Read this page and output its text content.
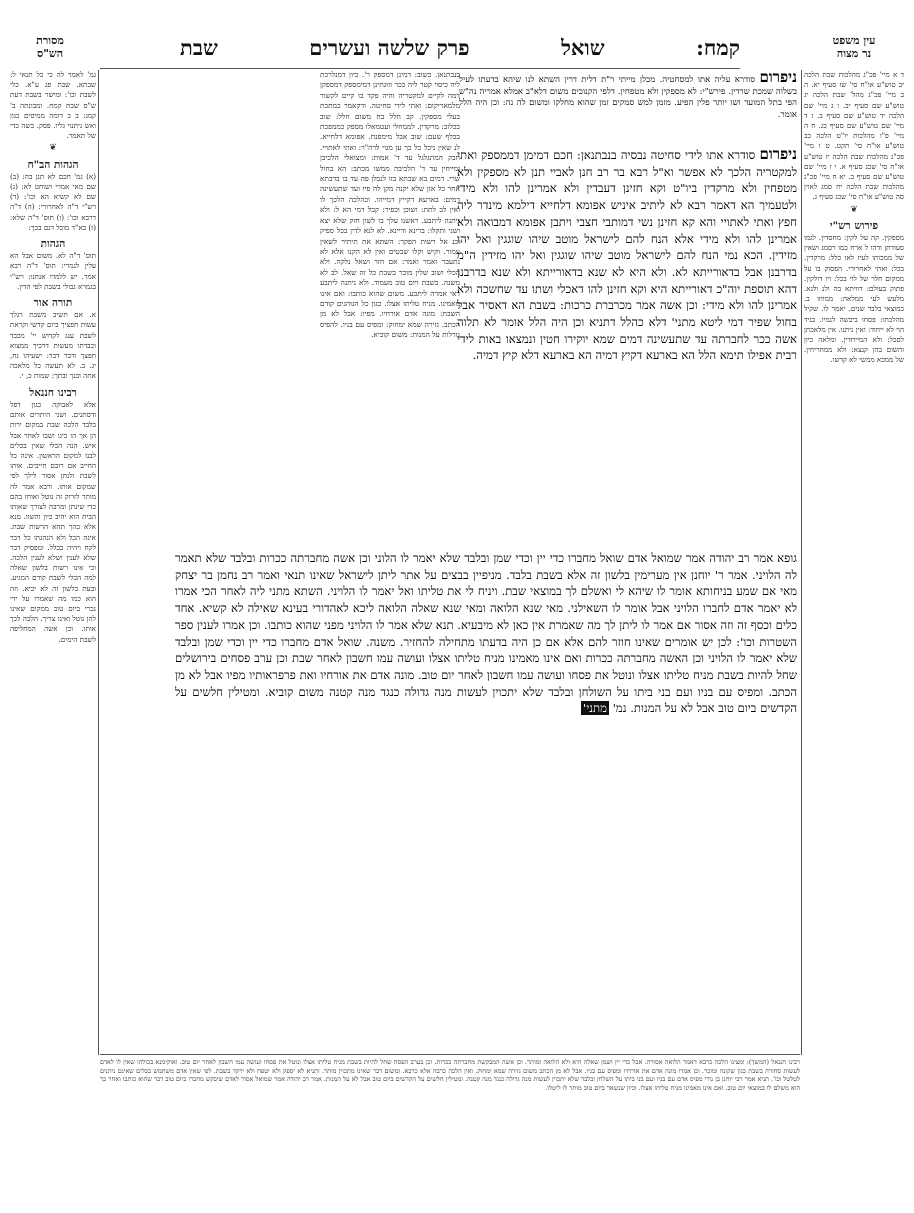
עין משפט
נר מצוה
מסורת
הש"ס	קמח:
שואל
פרק שלשה ועשרים
שבת

ד א מיי' פכ"ג מהלכות שבת הלכה יב טוש"ע או"ח סי' שז סעיף יא. ה ב מיי' פכ"ג מהל' שבת הלכה יג טוש"ע שם סעיף יב. ו ג מיי' שם הלכה יד טוש"ע שם סעיף ב. ז ד מיי' שם טוש"ע שם סעיף כג. ח ה מיי' פ"ו מהלכות יו"ט הלכה כב טוש"ע או"ח סי' תקט. ט ו מיי' פכ"ג מהלכות שבת הלכה יז טוש"ע או"ח סי' שכג סעיף א. י ז מיי' שם טוש"ע שם סעיף ב. יא ח מיי' פכ"ג מהלכות שבת הלכה יח סמג לאוין סה טוש"ע או"ח סי' שכג סעיף ג.

❦
פירוש רש"י

מספקין. קה על לקין: מחסדין. לגמו סעודתן ודהו ל ארח כמו רסמג ושאין של ממכותו לעיז לאו כלל: מרקדין. בכל: ואתי לאחרורי. הפסוק בו על ממקום חלר של לוי בכל: ויו דולקין. פתוק בעולם: דוויתא בה ולנ ולגא. מלעש לעי ממלאה: ממווזו ב. כמוצאי בלבד שנים. יאמר לו. שקיל מהלכתו: פסחו ביבשה לנמיו. בגיד הוי לא ייחוד: ואין ניתנו. אין מלאכתן לסכל: ולא המייחדין. ומלאה כיון והשום בהן קנצא: ולא ממחריחין. של ממכא ממשי לא קדשו.

גמ' לאמר לה כי כל תנאי ל: שבתא. שבת פג ע"א. כלי לשבת וכו': ומישר בשבת דעת ש"ס שבת קמח. ומבונתה ב' קמג: ב ב דומה ממיסים כגון ואש ניתנוי גליו. פסק. כשה כדי של תאמר.

❦
הגהות הב"ח

(א) גמ' חכם לא תנן בה: (ב) שם מאי אמרי ושוחט לא: (ג) שם לא קשיא הא וכו': (ד) רש"י ד"ה לאחרורי: (ה) ד"ה דרבא וכו': (ו) תוס' ד"ה שלא: (ז) בא"ד מוכל דגם בכך:

הגהות

תוס' ד"ה לא. משום אבל הא עלין לגמרי: תוס' ד"ה רבא אמר. יש ללמדו אנחנו: רש"י בגמרא גבולי בשבת לפי הדין.

תורה אור

א. אם תשיב משבת רגלך עשות חפציך ביום קדשי וקראת לשבת ענג לקדוש יי' מכבד וכבדתו מעשות דרכיך ממצוא חפצך ודבר דבר: ישעיהו נח, יג. ב. לא תעשה כל מלאכה אתה ובנך ובתך: שמות כ, י.

רבינו חננאל

אלא לאבוקה כגון דפל ודסתנים. ושני היתרים אותם בלבד הלכה שבת במקום ירות הן אך הו כינו ושבו לאחר אבל איש. הנה הכלי שאין בכלים לבנו למקום הראשון. אינה כל החייב אם רובם חייבים. אותו לשבת ולנתן אסור לילך לפי שמקום אותו. ורבא אמר לה מותר לזרוק זה נוטל ואוחז בהם כדי שינתן ומרבה לצורך שאותו הבית הוא יהיב כיון והשוו. מנא אלא כהך תהא הרשות שבת. אינה הכל ולא הנהגתו כל דבר לקח ויהיה בכלל. ומפסיק דבר שלא לענין ושלא לענין הלכה. וכי אינו רשות בלשון שאלה למה הכלי לשבת קודם המגיע. ובעת בלשון זה לא יביא. וזה הוא כמו מה שאמרו על ידי נכרי ביום טוב ממקום שאינו להן נוטל ואינו צריך. הלכה לכך אותו. וכן אשה המחליפה לשבת הימים.

ניפרום סודרא עליה אתו למסחטיה. מכלן מייתי ר"ת דלית דרין השתא לנו שיהא בדעתו לעיל בשלוה שמכת שרדין. פירש"י: לא מספקין ולא מטפחין. דלפי הקנוכים משום דלא"ב אמלא אמריה נה"ש הפי בתל המועד ושו יותר פלין הפיע. מזמן למש סמקים זמן שהוא מחלקו ומשום לה נה: וכן היה הלל אומר.
ניפרום סודרא אתו לידי סחיטה נבסיה בנבתנאן: חכם דמימן דממספק ואתי למקטריה הלכך לא אפשר וא"ל רבא בר רב חנן לאביי תנן לא מספקין ולא מטפחין ולא מרקדין ביו"ט וקא חזינן דעבדין ולא אמרינן להו ולא מידי ולטעמיך הא דאמר רבא לא ליתיב איניש אפומא דלחייא דילמא מינדר ליה חפץ ואתי לאתויי והא קא חזינן נשי דמותבי חצבי ויתבן אפומא דמבואה ולא אמרינן להו ולא מידי אלא הנח להם לישראל מוטב שיהו שוגגין ואל יהו מזידין. הכא נמי הנח להם לישראל מוטב שיהו שוגגין ואל יהו מזידין ה"מ בדרבנן אבל בדאורייתא לא. ולא היא לא שנא בדאורייתא ולא שנא בדרבנן דהא תוספת יוה"כ דאורייתא היא וקא חזינן להו דאכלי ושתו עד שחשכה ולא אמרינן להו ולא מידי: וכן אשה אמר מכרברת כרכות: בשבת הא דאסיר אבל בחול שפיר דמי ליטא מתני' דלא כהלל דתניא וכן היה הלל אומר לא תלוה אשה ככר לחברתה עד שתעשינה דמים שמא יוקירו חטין ונמצאו באות לידי רבית אפילו תימא הלל הא בארעא דקיץ דמיה הא בארעא דלא קיץ דמיה.

בנבתנאן. כשוב: דמינן דמספק ר'. כיון דמנלרכת ליה כיסוי קטר ליה ככר וזוגתינן דמימספק דמספקן דמה לקיים למקטריה והיה פקד בו קיים לקשור מלמאריקום: ואתי לידי סחיטה. ודקאמר כמתכת בעלי מספקין. קב חלל בח משום חלל: שוב בכלוב: מרקדין. לממחלי ועטמאלו מספק כממפכת בכלף שעם: שוב אבל מימפנח. אפומא דלחייא. לנ שאין ניכל כל כך ען מגוי לרה"ר: ואתי לאתויי. חבק המתגלגל עד ד' אמות: ומצואלי הלכיבן ומייחין עד ד' הלכיבה ממשו מכתב: הא בחול שרי. דמים בא שבתא בזו לנכלן פה עד בו בדבתא אחר כל אזן שלא יקנה מקן לה פיו ועד שתעשינה דמים: בארעא דקייץ דמייהו. וכהלכה הלכך לו ואין לב לתת: ושוכן וכפיר: קבל דמי הא ל: ולא ניתנה ליתבע. ראשנו עלך בו לשון חזק שלא יצא ושני ותקלו: ברינא ודיינא. לא לנא לדין בכל ספיק וכנ אל רשות הפקר: השתא את תיתיר לשאין עמור. וקיש וקלו שבטים ואין לא הקנו אלא לא נתעבר ואמר ואמר: אם חזר ושאל נלקה. ולא הכלי ושוב שלין מוכר בשבת כל זה שאל. לב לא משנה. בשבת ויום טוב מעמוד. ולא ניתנה ליתבע דאי אמרה ליתבע. משום שהוא כותבו: ואם אינו מאמינו. מניח טליתו אצלו. כגון כל הנוהגים קודם השבת: מונה אדם אורחיו. מפיו: אבל לא מן הכתב. גזירה שמא ימחוק: ומפיס עם בניו. להפיס גורלות על המנות: משום קוביא.

גופא אמר רב יהודה אמר שמואל אדם שואל מחברו כדי יין וכדי שמן ובלבד שלא יאמר לו הלוני וכן אשה מחברתה ככרות ובלבד שלא תאמר לה הלויני. אמר ר' יוחנן אין מערימין בלשון זה אלא בשבת בלבד. מניפיין בבצים על אתר ליתן לישראל שאינו תנאי ואמר רב נחמן בר יצחק מאי אם שמע בניחותא אומר לו שיהא לי ואשלם לך במוצאי שבת. ויניח לי את טליתו ואל יאמר לו הלויני. השתא מתני ליה לאחר הכי אמרו לא יאמר אדם לחברו הלויני אבל אומר לו השאילני. מאי שנא הלואה ומאי שנא שאלה הלואה ליכא לאהדורי בעינא שאילה לא קשיא. אחד כלים וכסף זה וזה אסור אם אמר לו ליתן לך מה שאמרת אין כאן לא מיבעיא. תנא שלא אמר לו הלויני מפני שהוא כותבו. וכן אמרו לענין ספר השטרות וכו': לכן יש אומרים שאינו חוזר להם אלא אם כן היה בדעתו מתחילה להחזיר. משנה. שואל אדם מחברו כדי יין וכדי שמן ובלבד שלא יאמר לו הלויני וכן האשה מחברתה ככרות ואם אינו מאמינו מניח טליתו אצלו ועושה עמו חשבון לאחר שבת וכן ערב פסחים בירושלים שחל להיות בשבת מניח טליתו אצלו ונוטל את פסחו ועושה עמו חשבון לאחר יום טוב. מונה אדם את אורחיו ואת פרפראותיו מפיו אבל לא מן הכתב. ומפיס עם בניו ועם בני ביתו על השולחן ובלבד שלא יתכוין לעשות מנה גדולה כנגד מנה קטנה משום קוביא. ומטילין חלשים על הקדשים ביום טוב אבל לא על המנות. נמ' מתני'
רבינו חננאל (המשך): ומצינו הלכה כרבא דאמר הלואה אסורה. אבל כדי יין ושמן שאלה היא ולא הלואה ומותר. וכן אשה המבקשת מחברתה ככרות. וכן בערב הפסח שחל להיות בשבת מניח טליתו אצלו ונוטל את פסחו ועושה עמו חשבון לאחר יום טוב. ואוקימנא בכולהו שאין לו לאדם לעשות סחורה בשבת כגון שקונה ומוכר. וכן אמרו מונה אדם את אורחיו ומפיס עם בניו. אבל לא מן הכתב משום גזירה שמא ימחוק. ואין הלכה כרבה אלא כרבא. ומשום דבר שאינו מתכוין מותר. ותניא לא יספק ולא יטפח ולא ירקד בשבת. לפי שאין אדם משתמש בכלים שאינם ניתנים לטלטל וכו'. תניא אמר רבי יוחנן בן נורי מפיס אדם עם בניו ועם בני ביתו על השלחן ובלבד שלא יתכוין לעשות מנה גדולה כנגד מנה קטנה. ומטילין חלשים על הקדשים ביום טוב אבל לא על המנות. אמר רב יהודה אמר שמואל אסור לאדם שיבקש מחברו ביום טוב דבר שהוא כותבו ואחר כך הוא משלם לו במוצאי יום טוב. ואם אינו מאמינו מניח טליתו אצלו. וכיון שנשאר ביום טוב מותר לו ליטלו.
